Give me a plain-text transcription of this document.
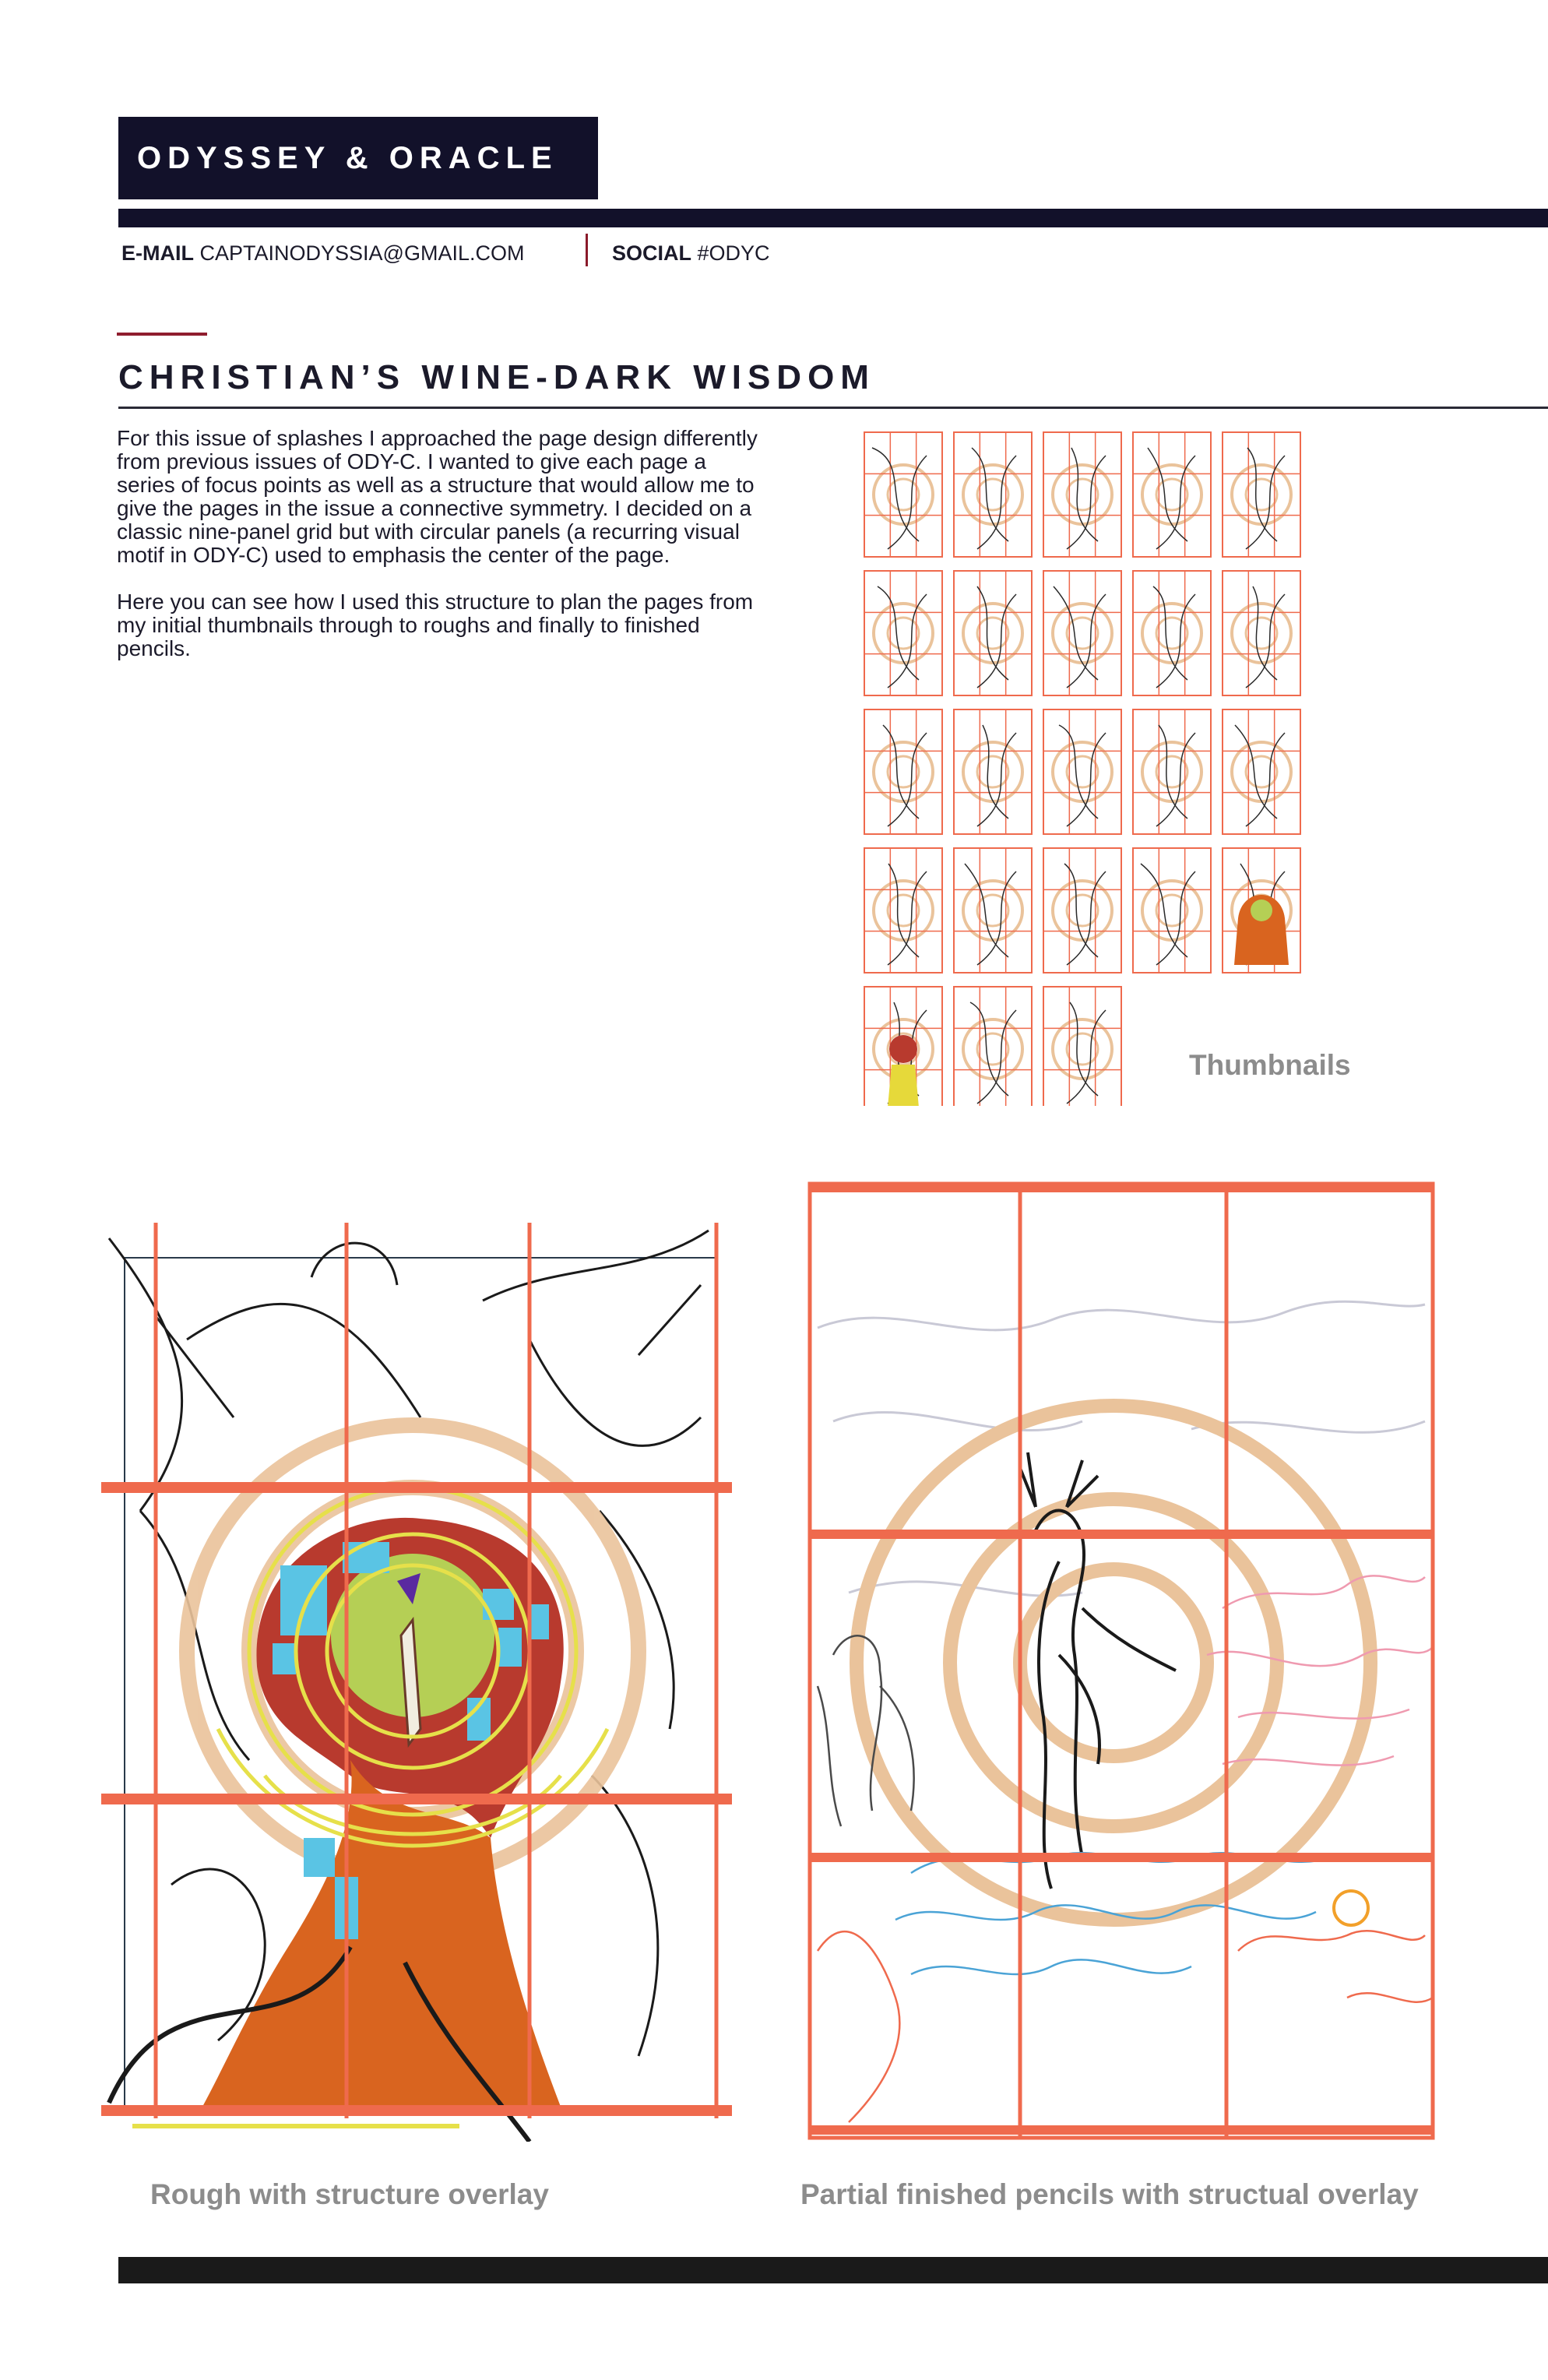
ODYSSEY & ORACLE
E-MAIL CAPTAINODYSSIA@GMAIL.COM	SOCIAL #ODYC
CHRISTIAN’S WINE-DARK WISDOM

For this issue of splashes I approached the page design differently from previous issues of ODY-C. I wanted to give each page a series of focus points as well as a structure that would allow me to give the pages in the issue a connective symmetry. I decided on a classic nine-panel grid but with circular panels (a recurring visual motif in ODY-C) used to emphasis the center of the page.

Here you can see how I used this structure to plan the pages from my initial thumbnails through to roughs and finally to finished pencils.

Thumbnails
Rough with structure overlay	Partial finished pencils with structual overlay
